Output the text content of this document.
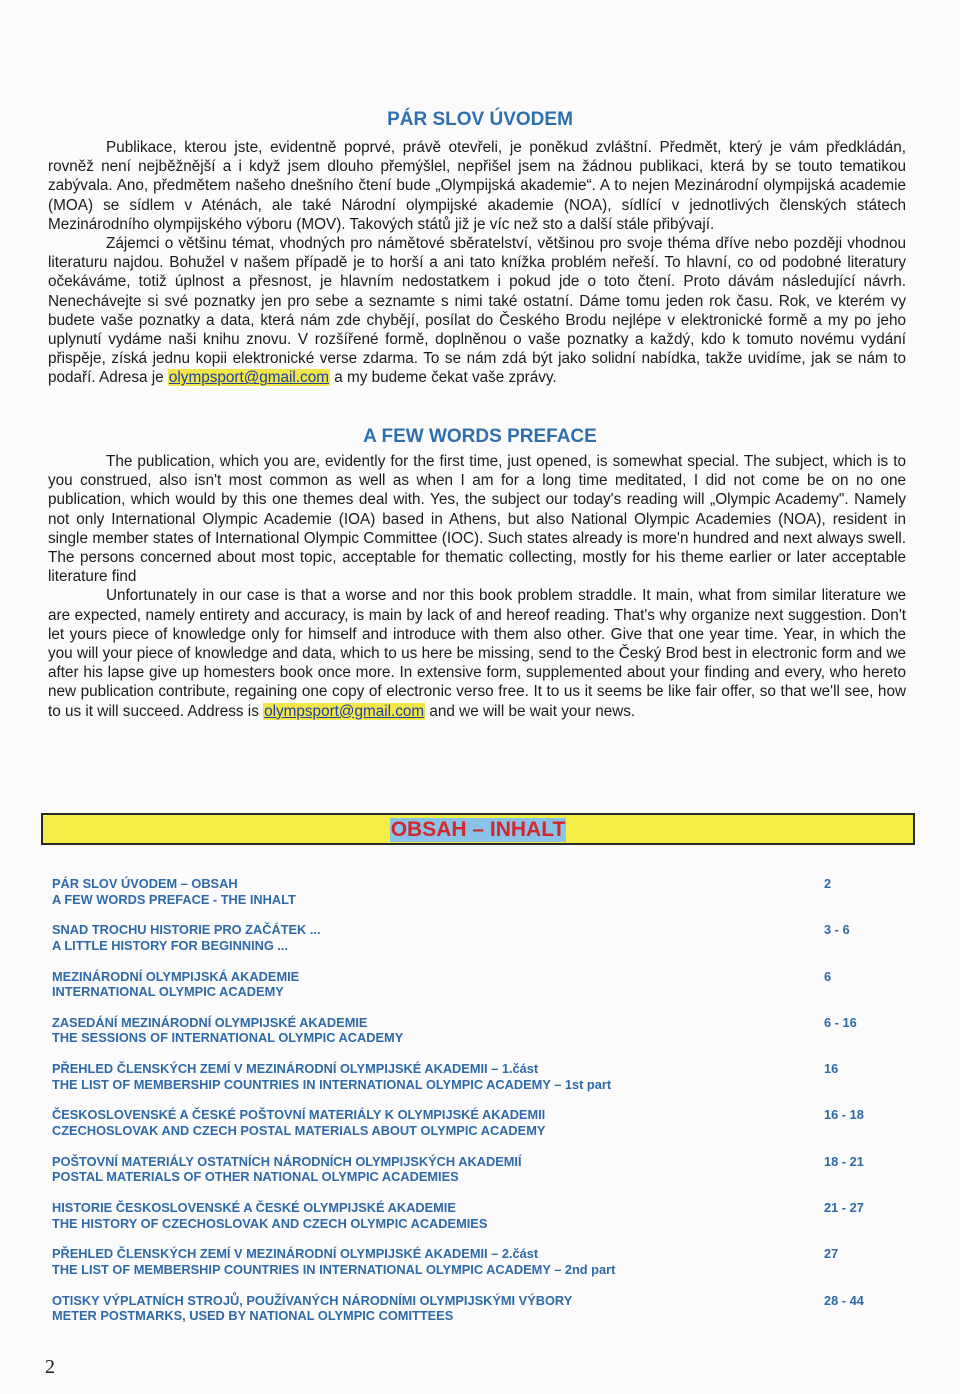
PÁR SLOV ÚVODEM

Publikace, kterou jste, evidentně poprvé, právě otevřeli, je poněkud zvláštní. Předmět, který je vám předkládán, rovněž není nejběžnější a i když jsem dlouho přemýšlel, nepřišel jsem na žádnou publikaci, která by se touto tematikou zabývala. Ano, předmětem našeho dnešního čtení bude „Olympijská akademie“. A to nejen Mezinárodní olympijská academie (MOA) se sídlem v Aténách, ale také Národní olympijské akademie (NOA), sídlící v jednotlivých členských státech Mezinárodního olympijského výboru (MOV). Takových států již je víc než sto a další stále přibývají.

Zájemci o většinu témat, vhodných pro námětové sběratelství, většinou pro svoje théma dříve nebo později vhodnou literaturu najdou. Bohužel v našem případě je to horší a ani tato knížka problém neřeší. To hlavní, co od podobné literatury očekáváme, totiž úplnost a přesnost, je hlavním nedostatkem i pokud jde o toto čtení. Proto dávám následující návrh. Nenechávejte si své poznatky jen pro sebe a seznamte s nimi také ostatní. Dáme tomu jeden rok času. Rok, ve kterém vy budete vaše poznatky a data, která nám zde chybějí, posílat do Českého Brodu nejlépe v elektronické formě a my po jeho uplynutí vydáme naši knihu znovu. V rozšířené formě, doplněnou o vaše poznatky a každý, kdo k tomuto novému vydání přispěje, získá jednu kopii elektronické verse zdarma. To se nám zdá být jako solidní nabídka, takže uvidíme, jak se nám to podaří. Adresa je olympsport@gmail.com a my budeme čekat vaše zprávy.

A FEW WORDS PREFACE

The publication, which you are, evidently for the first time, just opened, is somewhat special. The subject, which is to you construed, also isn't most common as well as when I am for a long time meditated, I did not come be on no one publication, which would by this one themes deal with. Yes, the subject our today's reading will „Olympic Academy". Namely not only International Olympic Academie (IOA) based in Athens, but also National Olympic Academies (NOA), resident in single member states of International Olympic Committee (IOC). Such states already is more'n hundred and next always swell. The persons concerned about most topic, acceptable for thematic collecting, mostly for his theme earlier or later acceptable literature find

Unfortunately in our case is that a worse and nor this book problem straddle. It main, what from similar literature we are expected, namely entirety and accuracy, is main by lack of and hereof reading. That's why organize next suggestion. Don't let yours piece of knowledge only for himself and introduce with them also other. Give that one year time. Year, in which the you will your piece of knowledge and data, which to us here be missing, send to the Český Brod best in electronic form and we after his lapse give up homesters book once more. In extensive form, supplemented about your finding and every, who hereto new publication contribute, regaining one copy of electronic verso free. It to us it seems be like fair offer, so that we'll see, how to us it will succeed. Address is olympsport@gmail.com and we will be wait your news.

OBSAH – INHALT
PÁR SLOV ÚVODEM – OBSAH
A FEW WORDS PREFACE - THE INHALT
2
SNAD TROCHU HISTORIE PRO ZAČÁTEK ...
A LITTLE HISTORY FOR BEGINNING ...
3 - 6
MEZINÁRODNÍ OLYMPIJSKÁ AKADEMIE
INTERNATIONAL OLYMPIC ACADEMY
6
ZASEDÁNÍ MEZINÁRODNÍ OLYMPIJSKÉ AKADEMIE
THE SESSIONS OF INTERNATIONAL OLYMPIC ACADEMY
6 - 16
PŘEHLED ČLENSKÝCH ZEMÍ V MEZINÁRODNÍ OLYMPIJSKÉ AKADEMII – 1.část
THE LIST OF MEMBERSHIP COUNTRIES IN INTERNATIONAL OLYMPIC ACADEMY – 1st part
16
ČESKOSLOVENSKÉ A ČESKÉ POŠTOVNÍ MATERIÁLY K OLYMPIJSKÉ AKADEMII
CZECHOSLOVAK AND CZECH POSTAL MATERIALS ABOUT OLYMPIC ACADEMY
16 - 18
POŠTOVNÍ MATERIÁLY OSTATNÍCH NÁRODNÍCH OLYMPIJSKÝCH AKADEMIÍ
POSTAL MATERIALS OF OTHER NATIONAL OLYMPIC ACADEMIES
18 - 21
HISTORIE ČESKOSLOVENSKÉ A ČESKÉ OLYMPIJSKÉ AKADEMIE
THE HISTORY OF CZECHOSLOVAK AND CZECH OLYMPIC ACADEMIES
21 - 27
PŘEHLED ČLENSKÝCH ZEMÍ V MEZINÁRODNÍ OLYMPIJSKÉ AKADEMII – 2.část
THE LIST OF MEMBERSHIP COUNTRIES IN INTERNATIONAL OLYMPIC ACADEMY – 2nd part
27
OTISKY VÝPLATNÍCH STROJŮ, POUŽÍVANÝCH NÁRODNÍMI OLYMPIJSKÝMI VÝBORY
METER POSTMARKS, USED BY NATIONAL OLYMPIC COMITTEES
28 - 44
2
